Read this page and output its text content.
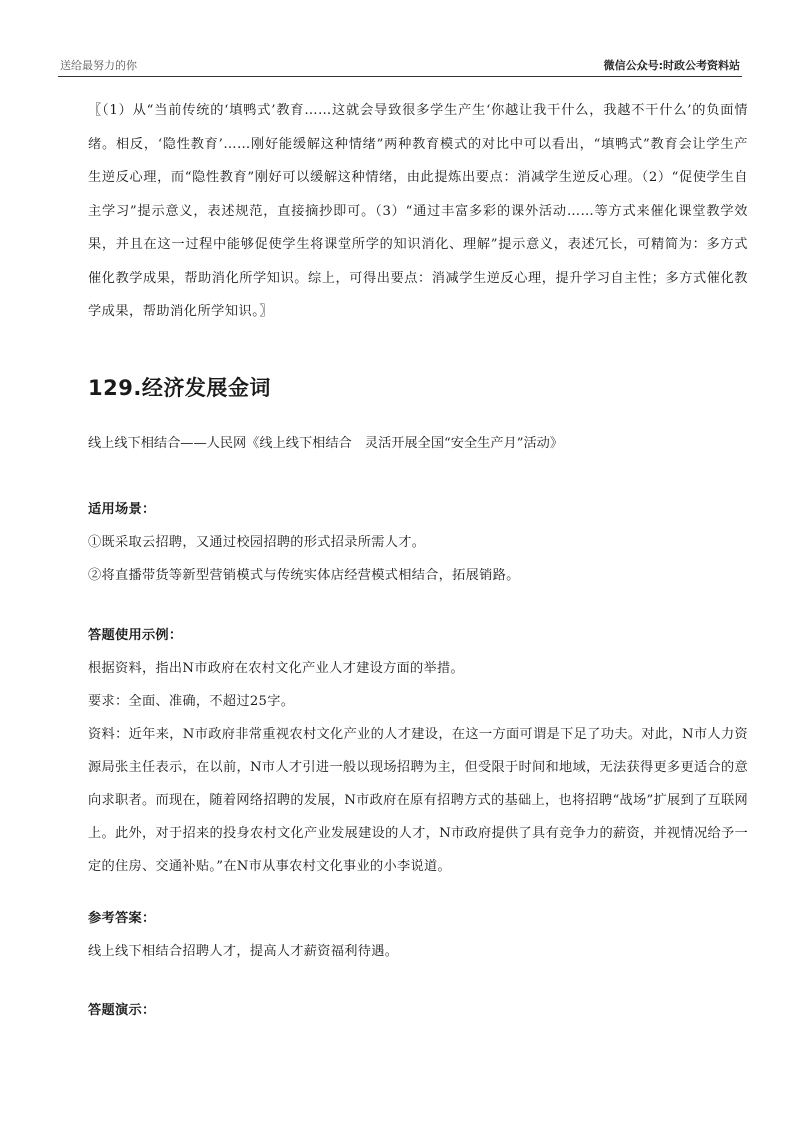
送给最努力的你	微信公众号:时政公考资料站
〖（1）从“当前传统的‘填鸭式’教育……这就会导致很多学生产生‘你越让我干什么，我越不干什么’的负面情绪。相反，‘隐性教育’……刚好能缓解这种情绪”两种教育模式的对比中可以看出，“填鸭式”教育会让学生产生逆反心理，而“隐性教育”刚好可以缓解这种情绪，由此提炼出要点：消减学生逆反心理。（2）“促使学生自主学习”提示意义，表述规范，直接摘抄即可。（3）“通过丰富多彩的课外活动……等方式来催化课堂教学效果，并且在这一过程中能够促使学生将课堂所学的知识消化、理解”提示意义，表述冗长，可精简为：多方式催化教学成果，帮助消化所学知识。综上，可得出要点：消减学生逆反心理，提升学习自主性；多方式催化教学成果，帮助消化所学知识。〗
129.经济发展金词
线上线下相结合——人民网《线上线下相结合　灵活开展全国“安全生产月”活动》
适用场景：
①既采取云招聘，又通过校园招聘的形式招录所需人才。
②将直播带货等新型营销模式与传统实体店经营模式相结合，拓展销路。
答题使用示例：
根据资料，指出N市政府在农村文化产业人才建设方面的举措。
要求：全面、准确，不超过25字。
资料：近年来，N市政府非常重视农村文化产业的人才建设，在这一方面可谓是下足了功夫。对此，N市人力资源局张主任表示，在以前，N市人才引进一般以现场招聘为主，但受限于时间和地域，无法获得更多更适合的意向求职者。而现在，随着网络招聘的发展，N市政府在原有招聘方式的基础上，也将招聘“战场”扩展到了互联网上。此外，对于招来的投身农村文化产业发展建设的人才，N市政府提供了具有竞争力的薪资，并视情况给予一定的住房、交通补贴。”在N市从事农村文化事业的小李说道。
参考答案：
线上线下相结合招聘人才，提高人才薪资福利待遇。
答题演示：
